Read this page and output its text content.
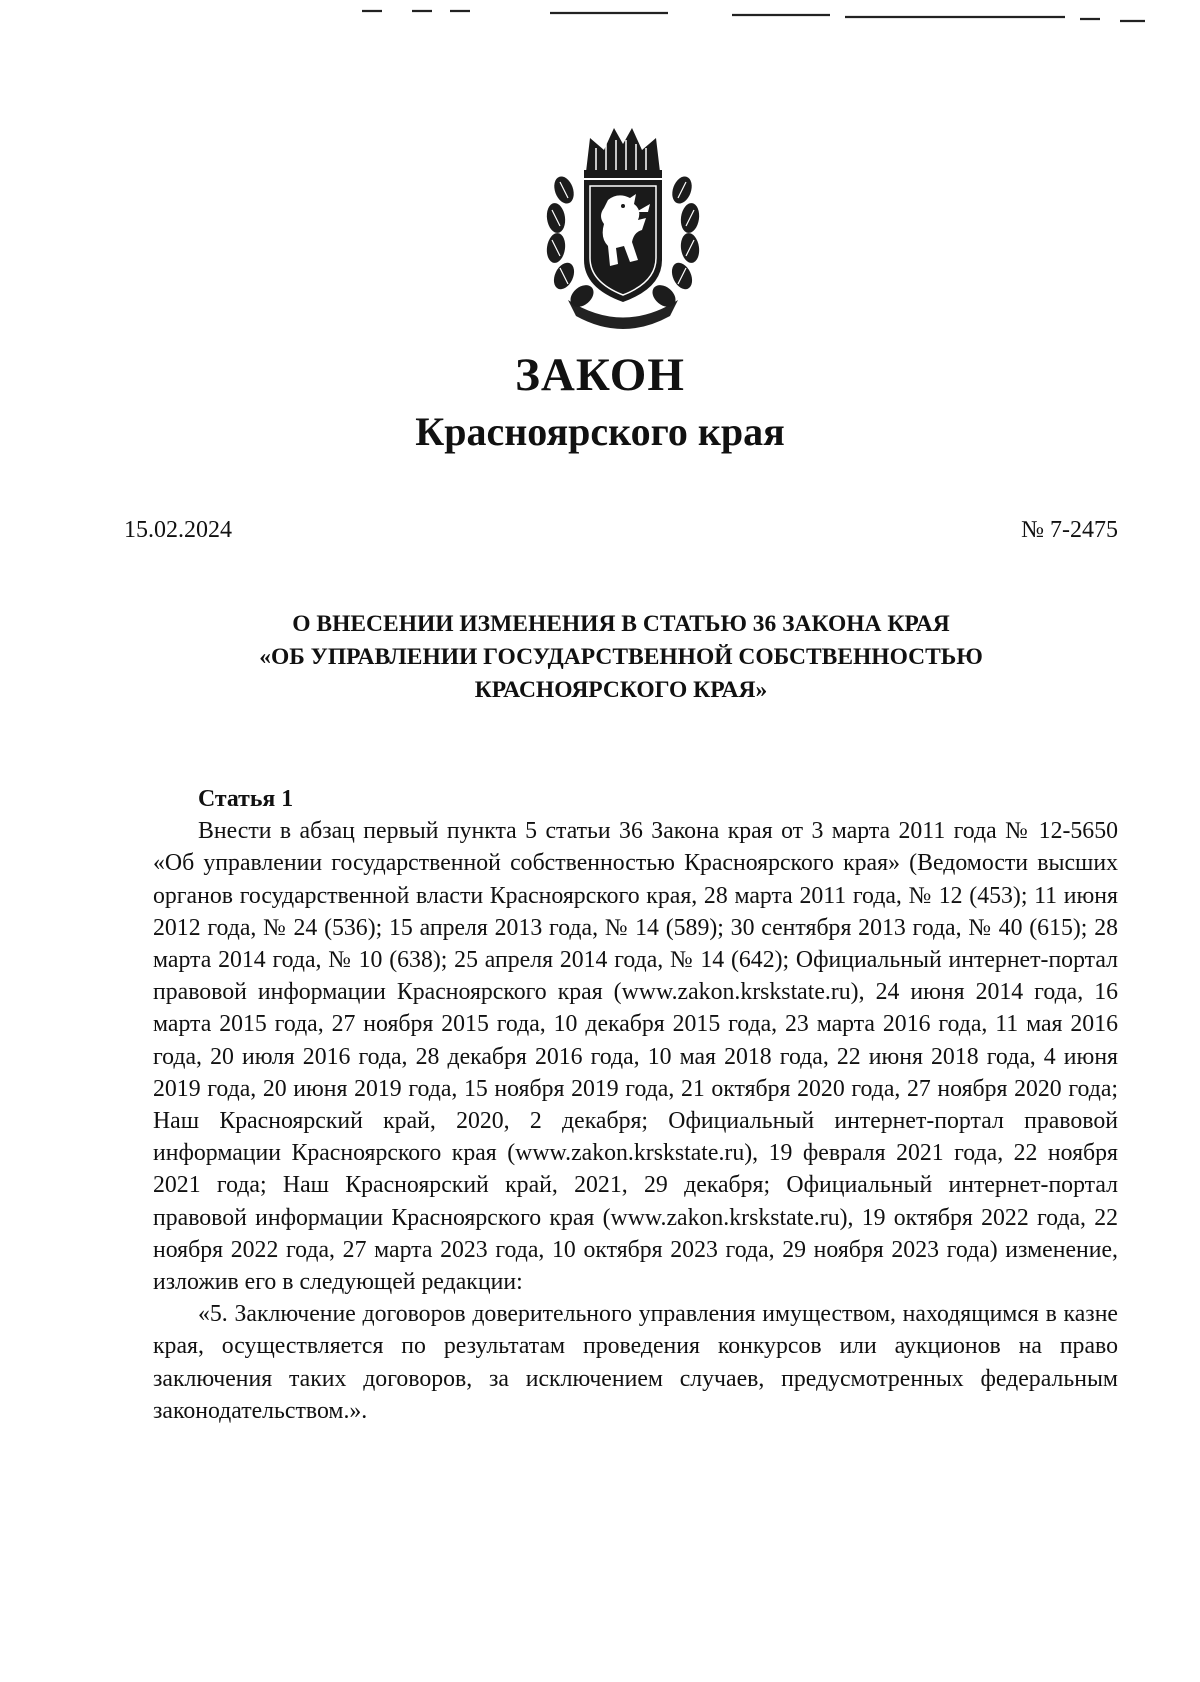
ЗАКОН
Красноярского края
15.02.2024	№ 7-2475
О ВНЕСЕНИИ ИЗМЕНЕНИЯ В СТАТЬЮ 36 ЗАКОНА КРАЯ
«ОБ УПРАВЛЕНИИ ГОСУДАРСТВЕННОЙ СОБСТВЕННОСТЬЮ
КРАСНОЯРСКОГО КРАЯ»

Статья 1

Внести в абзац первый пункта 5 статьи 36 Закона края от 3 марта 2011 года № 12-5650 «Об управлении государственной собственностью Красноярского края» (Ведомости высших органов государственной власти Красноярского края, 28 марта 2011 года, № 12 (453); 11 июня 2012 года, № 24 (536); 15 апреля 2013 года, № 14 (589); 30 сентября 2013 года, № 40 (615); 28 марта 2014 года, № 10 (638); 25 апреля 2014 года, № 14 (642); Официальный интернет-портал правовой информации Красноярского края (www.zakon.krskstate.ru), 24 июня 2014 года, 16 марта 2015 года, 27 ноября 2015 года, 10 декабря 2015 года, 23 марта 2016 года, 11 мая 2016 года, 20 июля 2016 года, 28 декабря 2016 года, 10 мая 2018 года, 22 июня 2018 года, 4 июня 2019 года, 20 июня 2019 года, 15 ноября 2019 года, 21 октября 2020 года, 27 ноября 2020 года; Наш Красноярский край, 2020, 2 декабря; Официальный интернет-портал правовой информации Красноярского края (www.zakon.krskstate.ru), 19 февраля 2021 года, 22 ноября 2021 года; Наш Красноярский край, 2021, 29 декабря; Официальный интернет-портал правовой информации Красноярского края (www.zakon.krskstate.ru), 19 октября 2022 года, 22 ноября 2022 года, 27 марта 2023 года, 10 октября 2023 года, 29 ноября 2023 года) изменение, изложив его в следующей редакции:

«5. Заключение договоров доверительного управления имуществом, находящимся в казне края, осуществляется по результатам проведения конкурсов или аукционов на право заключения таких договоров, за исключением случаев, предусмотренных федеральным законодательством.».
